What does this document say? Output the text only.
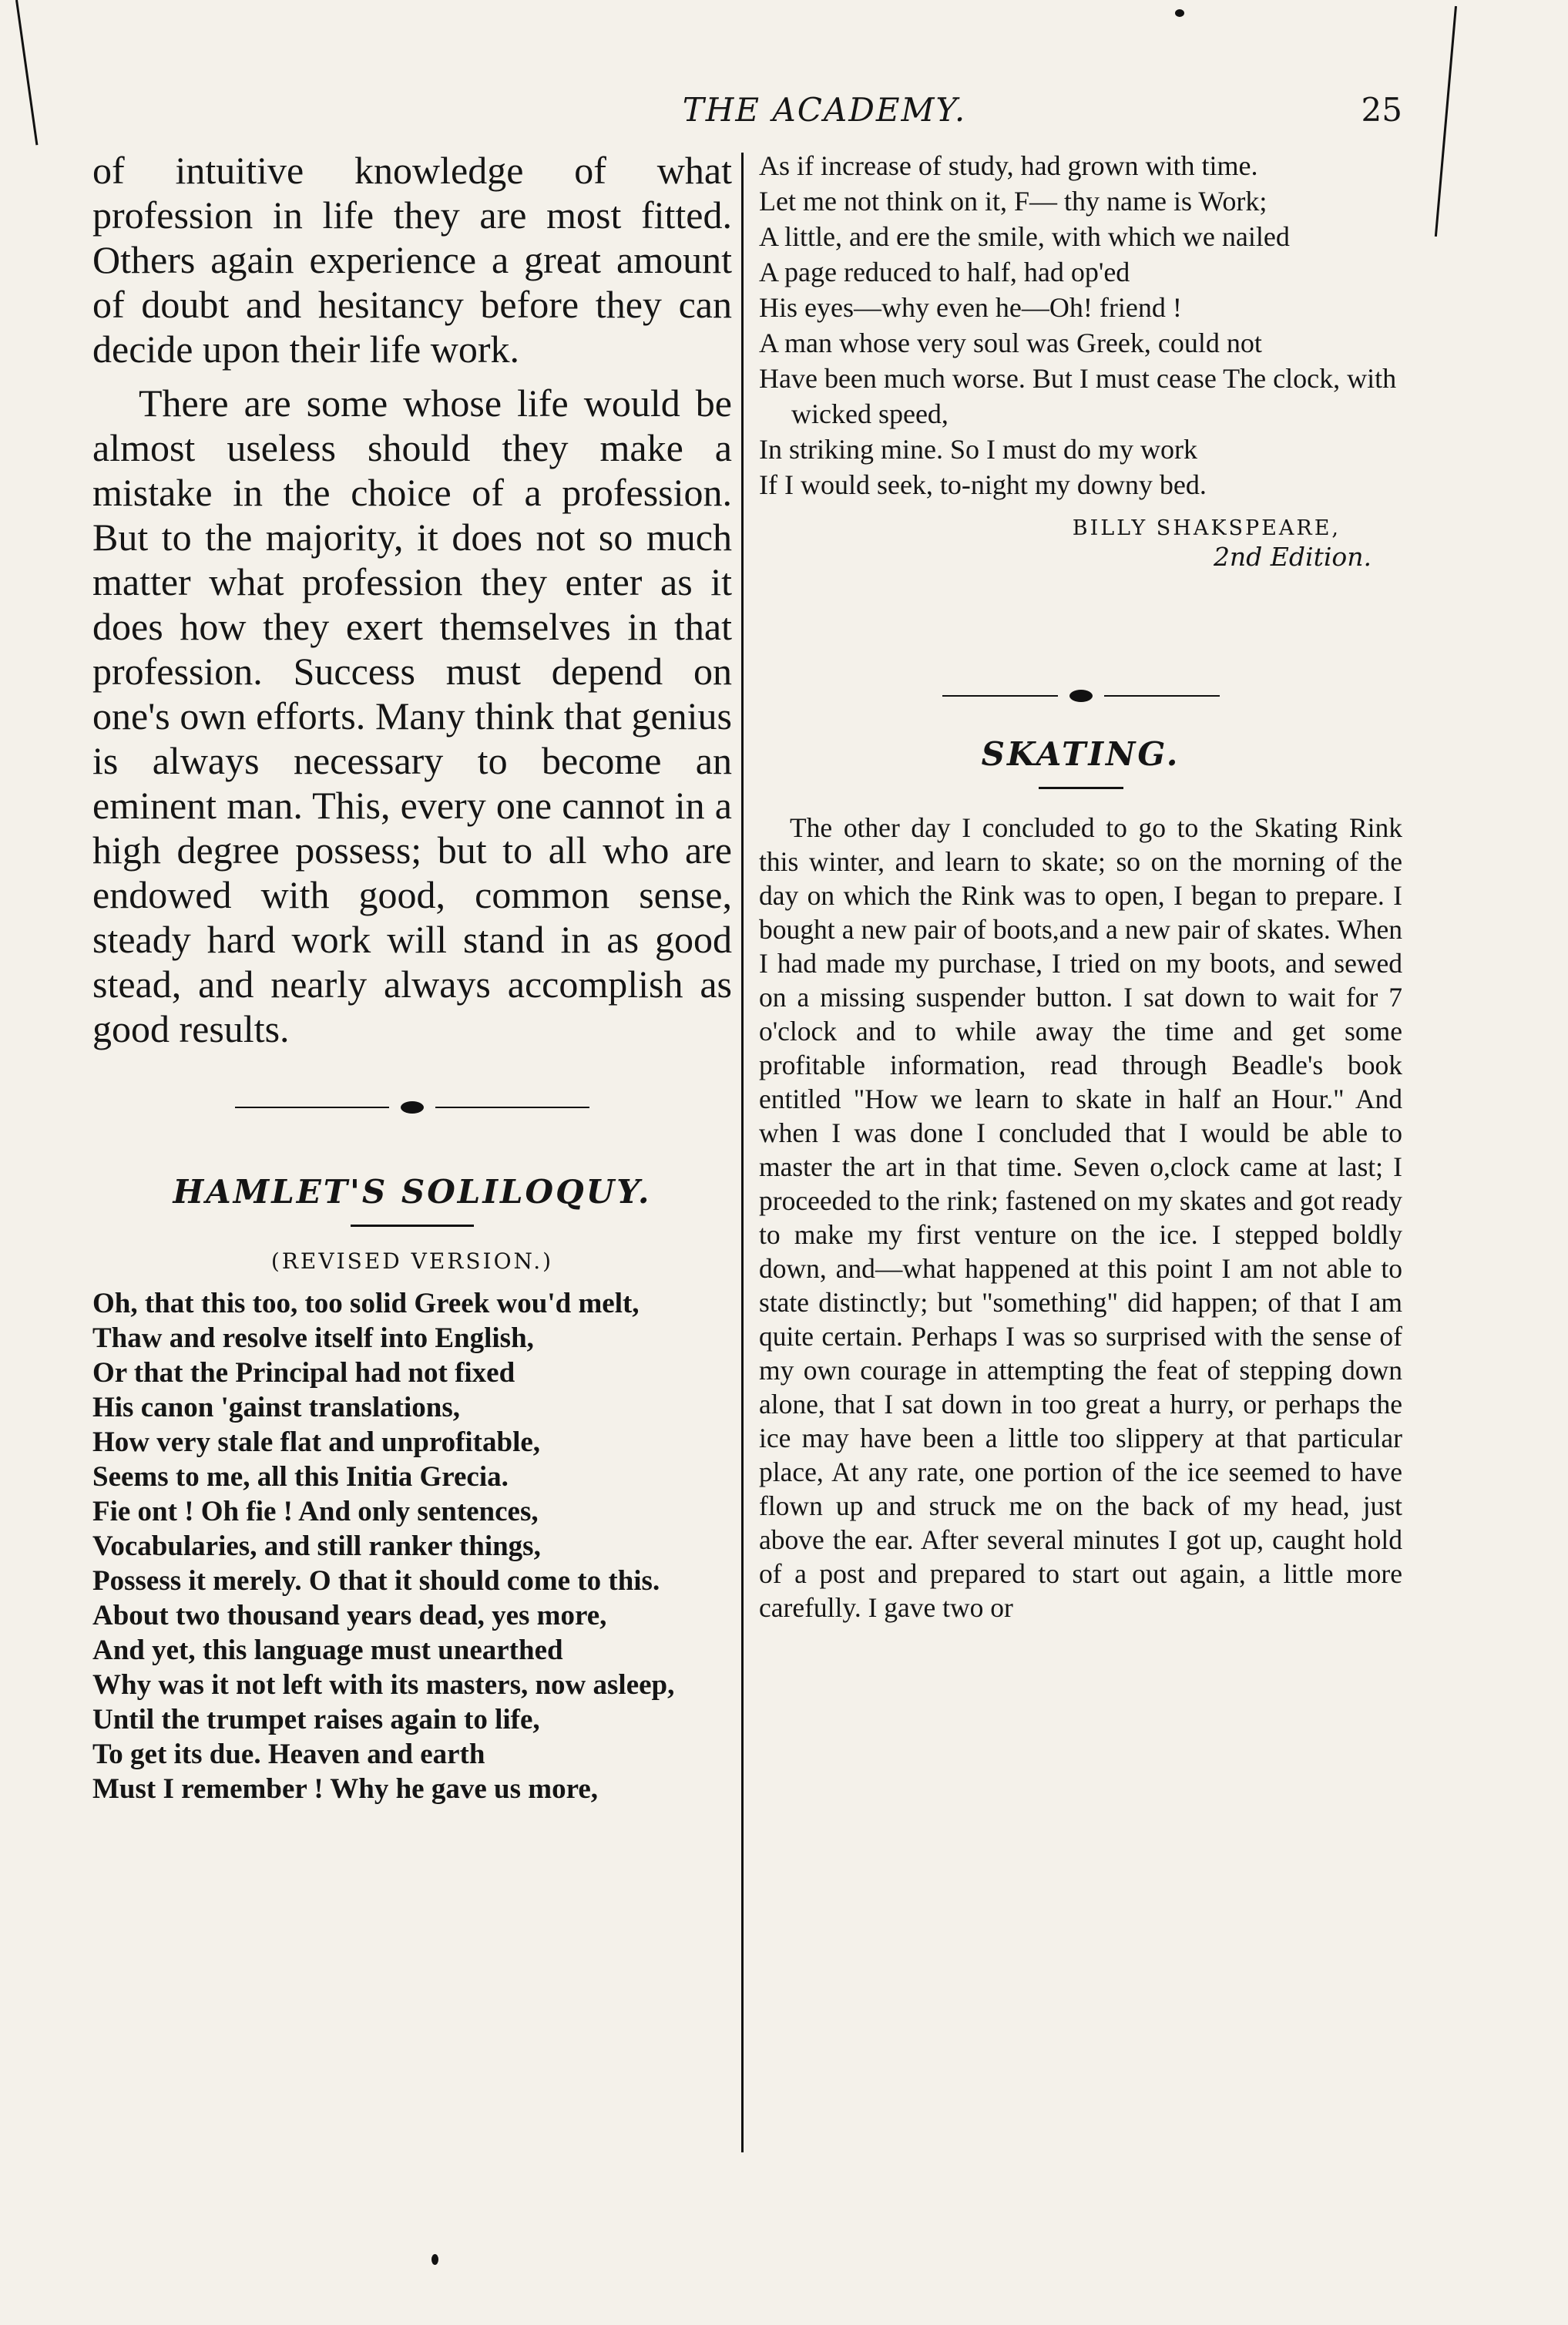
THE ACADEMY.	25

of intuitive knowledge of what profession in life they are most fitted. Others again experience a great amount of doubt and hesitancy before they can decide upon their life work.

There are some whose life would be almost useless should they make a mistake in the choice of a profession. But to the majority, it does not so much matter what profession they enter as it does how they exert themselves in that profession. Success must depend on one's own efforts. Many think that genius is always necessary to become an eminent man. This, every one cannot in a high degree possess; but to all who are endowed with good, common sense, steady hard work will stand in as good stead, and nearly always accomplish as good results.

HAMLET'S SOLILOQUY.
(REVISED VERSION.)
Oh, that this too, too solid Greek wou'd melt,
Thaw and resolve itself into English,
Or that the Principal had not fixed
His canon 'gainst translations,
How very stale flat and unprofitable,
Seems to me, all this Initia Grecia.
Fie ont ! Oh fie ! And only sentences,
Vocabularies, and still ranker things,
Possess it merely. O that it should come to this.
About two thousand years dead, yes more,
And yet, this language must unearthed
Why was it not left with its masters, now asleep,
Until the trumpet raises again to life,
To get its due. Heaven and earth
Must I remember ! Why he gave us more,
As if increase of study, had grown with time.
Let me not think on it, F— thy name is Work;
A little, and ere the smile, with which we nailed
A page reduced to half, had op'ed
His eyes—why even he—Oh! friend !
A man whose very soul was Greek, could not
Have been much worse. But I must cease The clock, with wicked speed,
In striking mine. So I must do my work
If I would seek, to-night my downy bed.
BILLY SHAKSPEARE,
2nd Edition.
SKATING.

The other day I concluded to go to the Skating Rink this winter, and learn to skate; so on the morning of the day on which the Rink was to open, I began to prepare. I bought a new pair of boots,and a new pair of skates. When I had made my purchase, I tried on my boots, and sewed on a missing suspender button. I sat down to wait for 7 o'clock and to while away the time and get some profitable information, read through Beadle's book entitled "How we learn to skate in half an Hour." And when I was done I concluded that I would be able to master the art in that time. Seven o,clock came at last; I proceeded to the rink; fastened on my skates and got ready to make my first venture on the ice. I stepped boldly down, and—what happened at this point I am not able to state distinctly; but "something" did happen; of that I am quite certain. Perhaps I was so surprised with the sense of my own courage in attempting the feat of stepping down alone, that I sat down in too great a hurry, or perhaps the ice may have been a little too slippery at that particular place, At any rate, one portion of the ice seemed to have flown up and struck me on the back of my head, just above the ear. After several minutes I got up, caught hold of a post and prepared to start out again, a little more carefully. I gave two or
